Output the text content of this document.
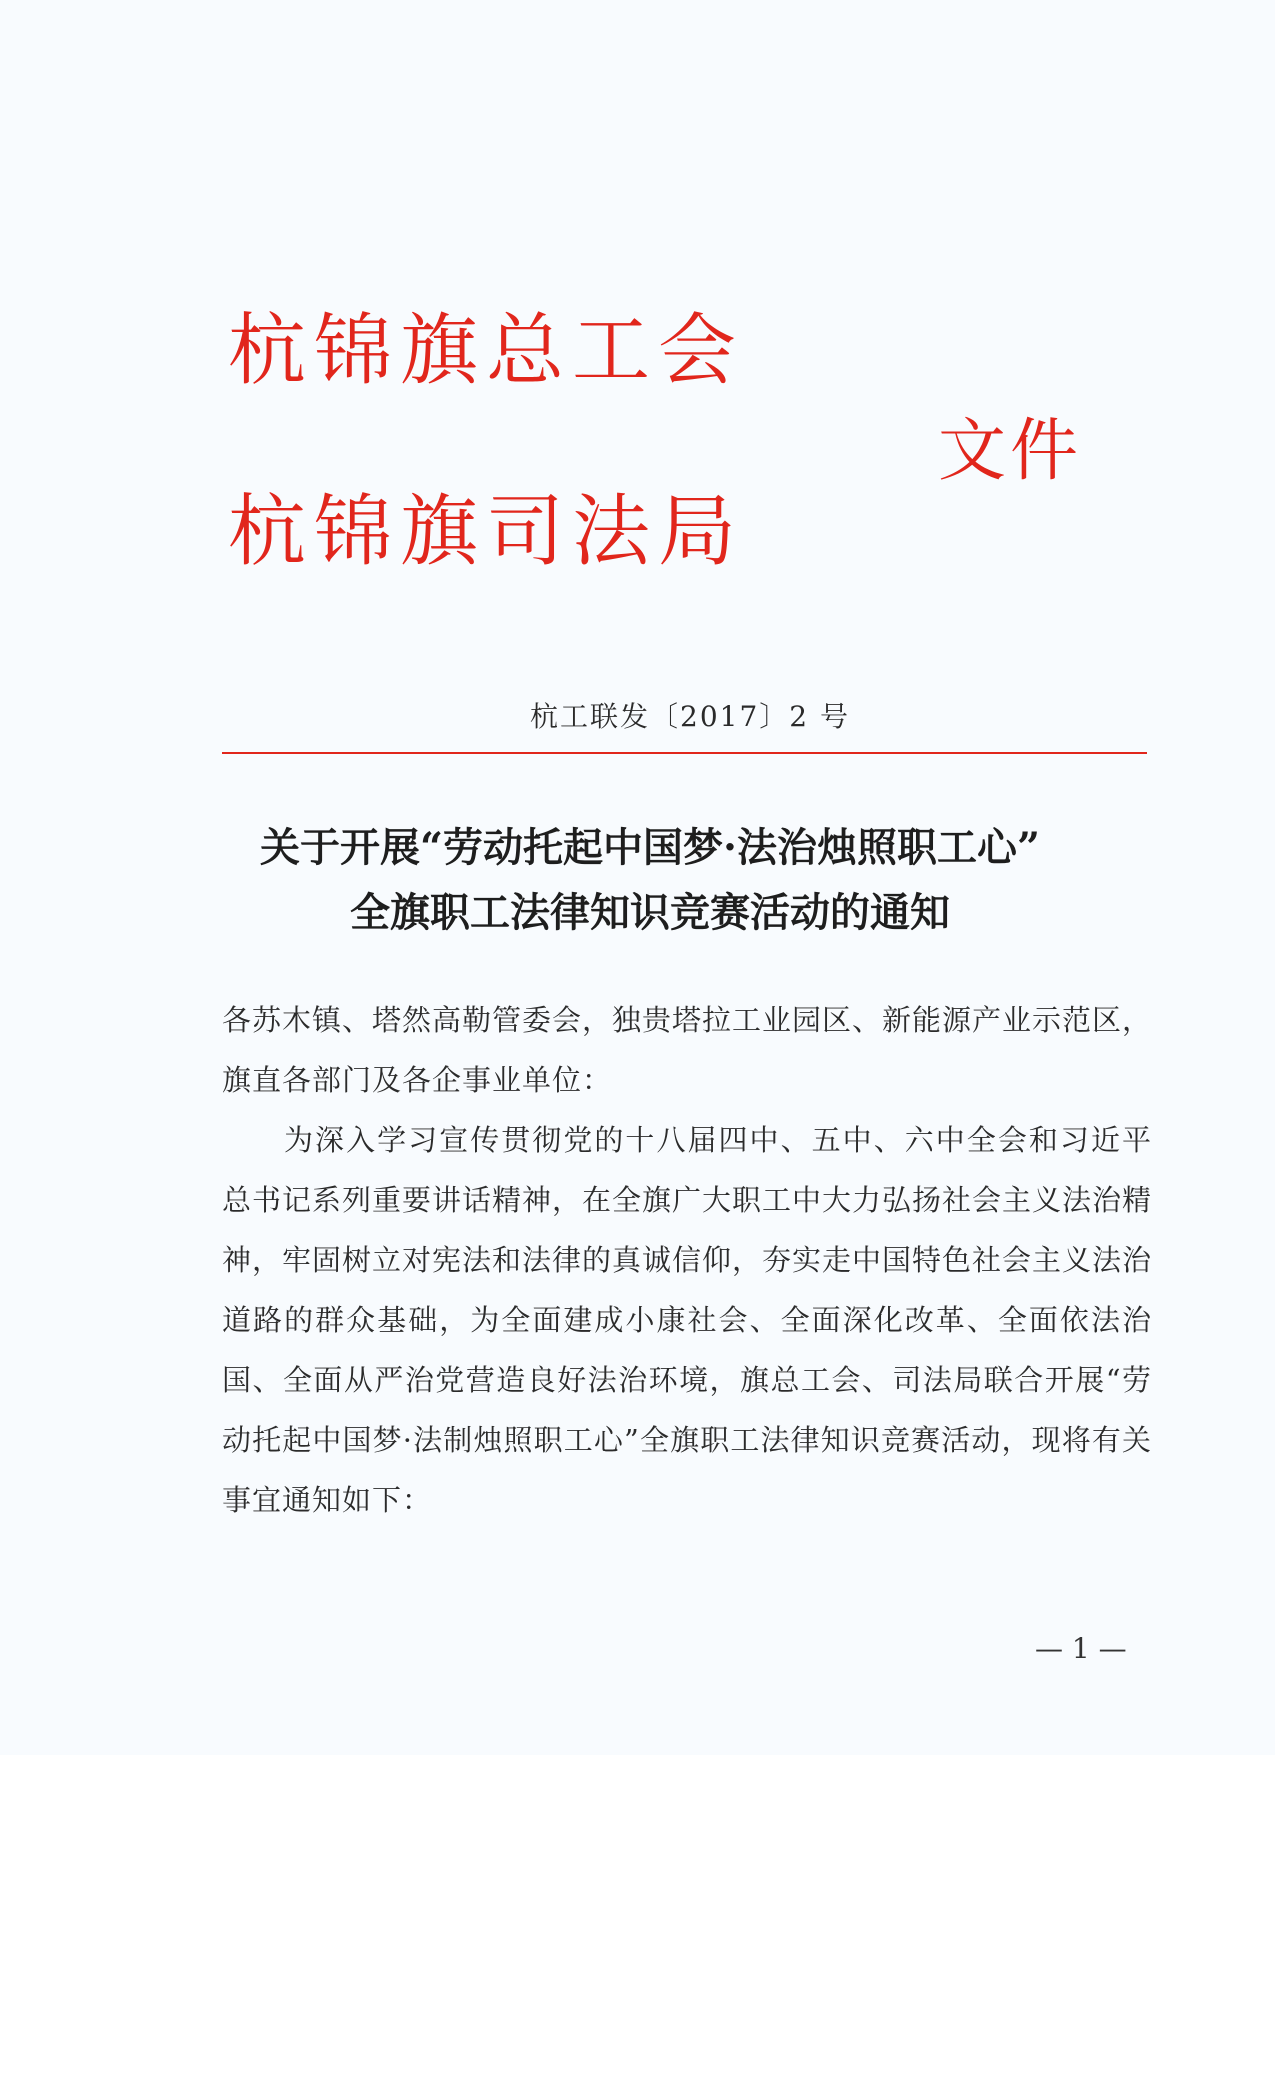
杭锦旗总工会
文件
杭锦旗司法局
杭工联发〔2017〕2 号
关于开展“劳动托起中国梦·法治烛照职工心”
全旗职工法律知识竞赛活动的通知
各苏木镇、塔然高勒管委会，独贵塔拉工业园区、新能源产业示范区，旗直各部门及各企事业单位：
为深入学习宣传贯彻党的十八届四中、五中、六中全会和习近平总书记系列重要讲话精神，在全旗广大职工中大力弘扬社会主义法治精神，牢固树立对宪法和法律的真诚信仰，夯实走中国特色社会主义法治道路的群众基础，为全面建成小康社会、全面深化改革、全面依法治国、全面从严治党营造良好法治环境，旗总工会、司法局联合开展“劳动托起中国梦·法制烛照职工心”全旗职工法律知识竞赛活动，现将有关事宜通知如下：
— 1 —
